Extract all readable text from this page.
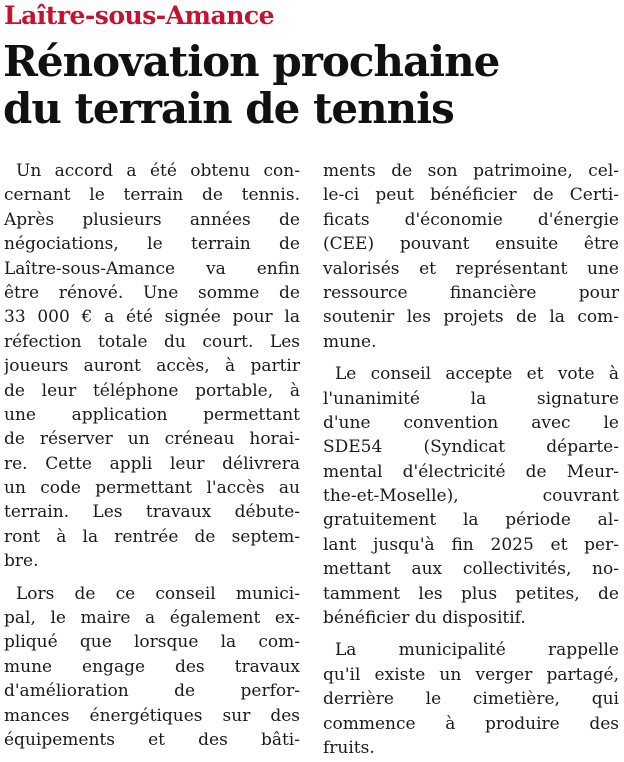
Laître-sous-Amance
Rénovation prochaine
du terrain de tennis
Un accord a été obtenu con-
cernant le terrain de tennis.
Après plusieurs années de
négociations, le terrain de
Laître-sous-Amance va enfin
être rénové. Une somme de
33 000 € a été signée pour la
réfection totale du court. Les
joueurs auront accès, à partir
de leur téléphone portable, à
une application permettant
de réserver un créneau horai-
re. Cette appli leur délivrera
un code permettant l'accès au
terrain. Les travaux débute-
ront à la rentrée de septem-
bre.
Lors de ce conseil munici-
pal, le maire a également ex-
pliqué que lorsque la com-
mune engage des travaux
d'amélioration de perfor-
mances énergétiques sur des
équipements et des bâti-
ments de son patrimoine, cel-
le-ci peut bénéficier de Certi-
ficats d'économie d'énergie
(CEE) pouvant ensuite être
valorisés et représentant une
ressource financière pour
soutenir les projets de la com-
mune.
Le conseil accepte et vote à
l'unanimité la signature
d'une convention avec le
SDE54 (Syndicat départe-
mental d'électricité de Meur-
the-et-Moselle), couvrant
gratuitement la période al-
lant jusqu'à fin 2025 et per-
mettant aux collectivités, no-
tamment les plus petites, de
bénéficier du dispositif.
La municipalité rappelle
qu'il existe un verger partagé,
derrière le cimetière, qui
commence à produire des
fruits.
